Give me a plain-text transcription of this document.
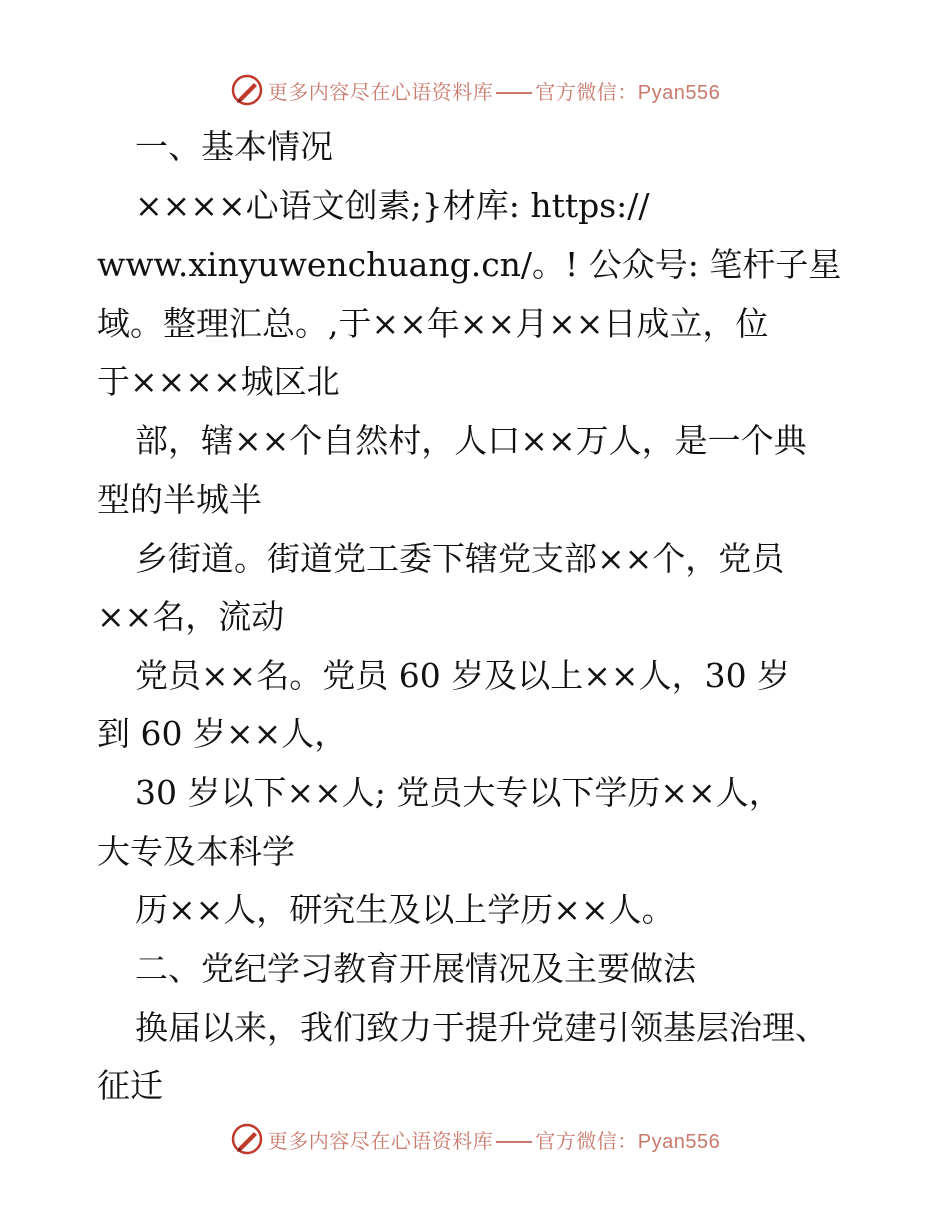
更多内容尽在心语资料库 官方微信：Pyan556
一、基本情况
××××心语文创素;}材库: https://
www.xinyuwenchuang.cn/。! 公众号: 笔杆子星
域。整理汇总。,于××年××月××日成立，位
于××××城区北
部，辖××个自然村，人口××万人，是一个典
型的半城半
乡街道。街道党工委下辖党支部××个，党员
××名，流动
党员××名。党员 60 岁及以上××人，30 岁
到 60 岁××人，
30 岁以下××人; 党员大专以下学历××人，
大专及本科学
历××人，研究生及以上学历××人。
二、党纪学习教育开展情况及主要做法
换届以来，我们致力于提升党建引领基层治理、
征迁
更多内容尽在心语资料库 官方微信：Pyan556
